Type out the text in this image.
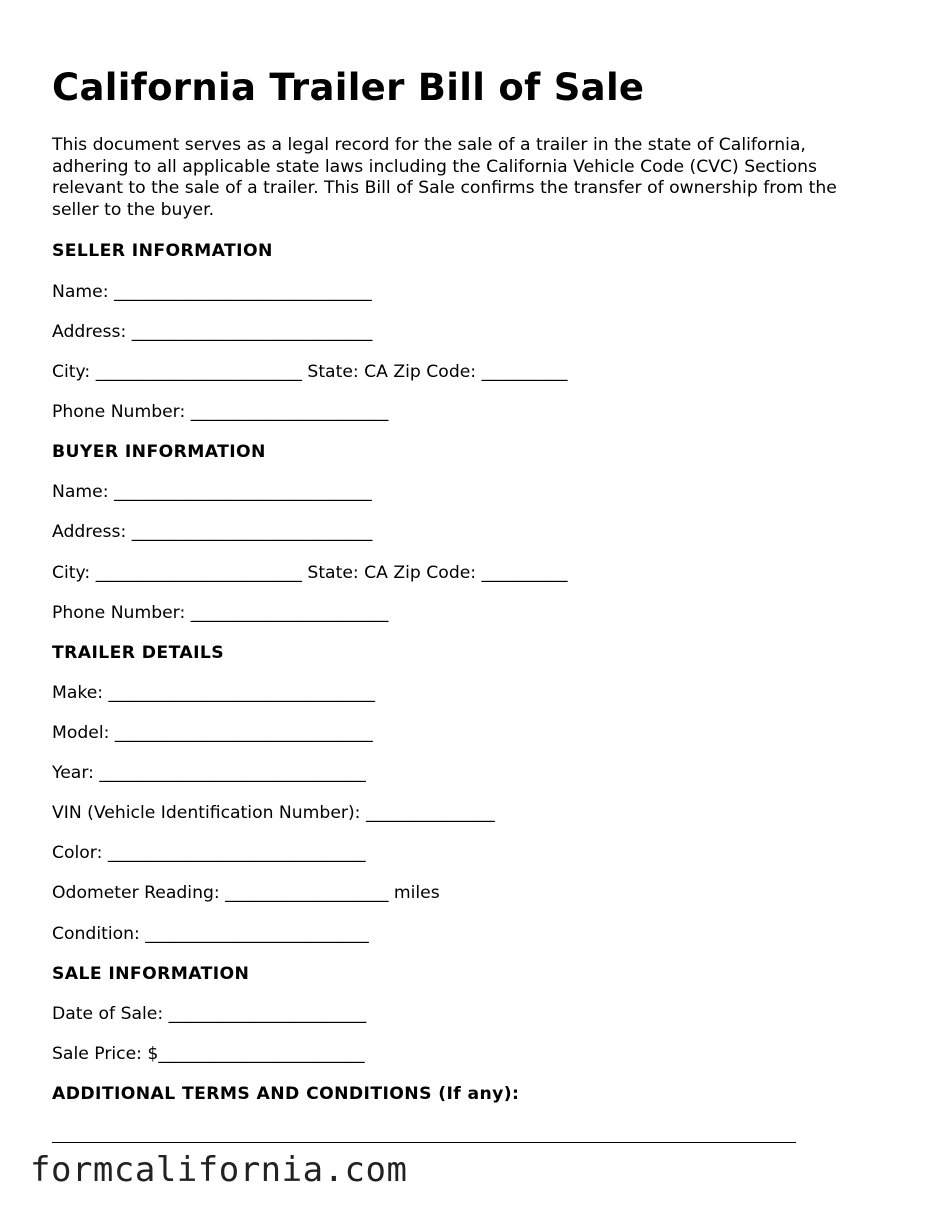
California Trailer Bill of Sale

This document serves as a legal record for the sale of a trailer in the state of California, adhering to all applicable state laws including the California Vehicle Code (CVC) Sections relevant to the sale of a trailer. This Bill of Sale confirms the transfer of ownership from the seller to the buyer.

SELLER INFORMATION
Name: ______________________________
Address: ____________________________
City: ________________________ State: CA Zip Code: __________
Phone Number: _______________________
BUYER INFORMATION
Name: ______________________________
Address: ____________________________
City: ________________________ State: CA Zip Code: __________
Phone Number: _______________________
TRAILER DETAILS
Make: _______________________________
Model: ______________________________
Year: _______________________________
VIN (Vehicle Identification Number): _______________
Color: ______________________________
Odometer Reading: ___________________ miles
Condition: __________________________
SALE INFORMATION
Date of Sale: _______________________
Sale Price: $________________________
ADDITIONAL TERMS AND CONDITIONS (If any):
formcalifornia.com
